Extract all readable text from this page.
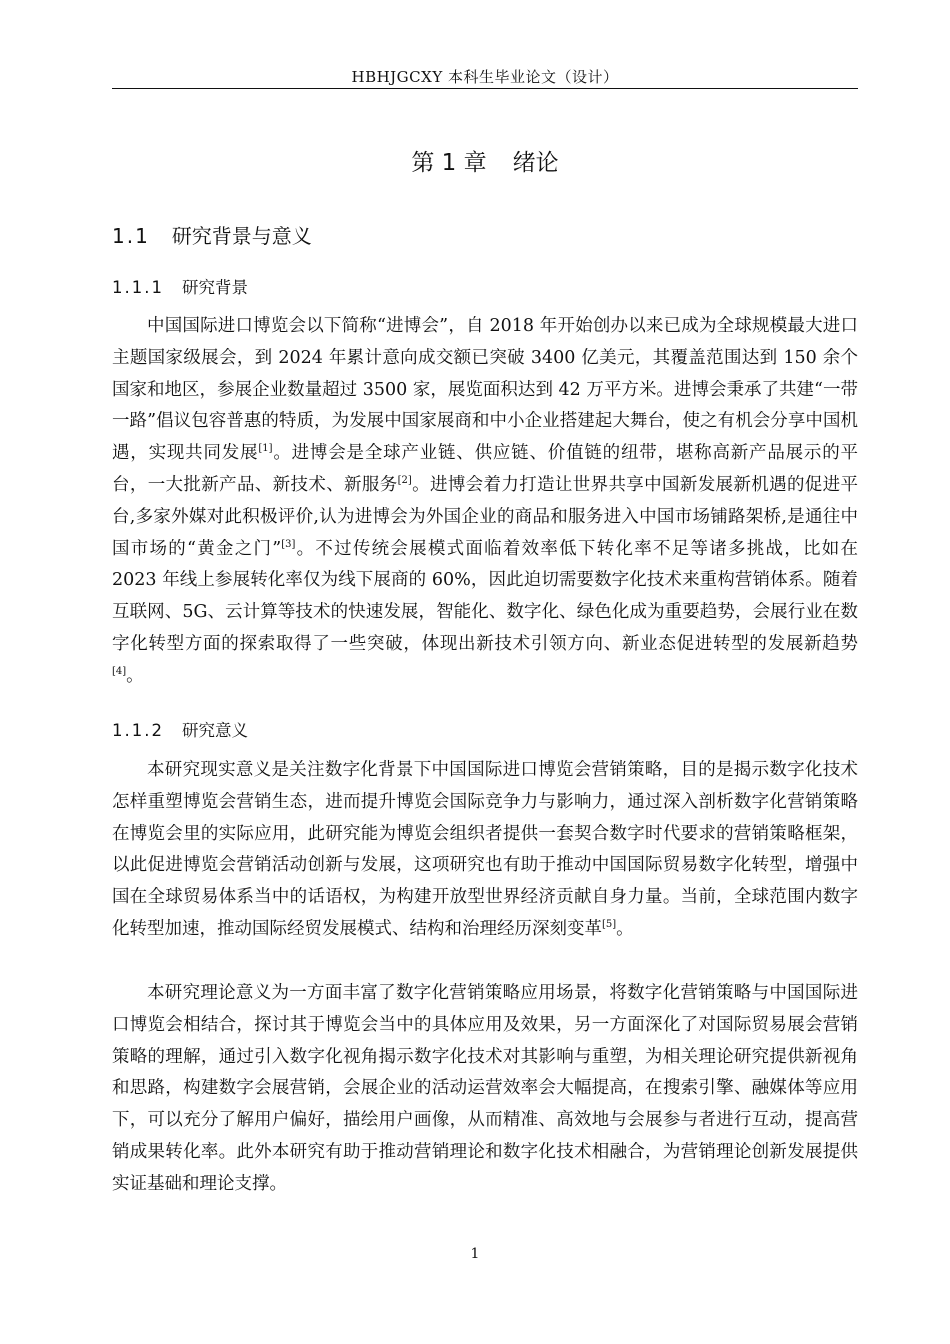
HBHJGCXY 本科生毕业论文（设计）
第 1 章 绪论
1.1 研究背景与意义
1.1.1 研究背景

中国国际进口博览会以下简称“进博会”，自 2018 年开始创办以来已成为全球规模最大进口主题国家级展会，到 2024 年累计意向成交额已突破 3400 亿美元，其覆盖范围达到 150 余个国家和地区，参展企业数量超过 3500 家，展览面积达到 42 万平方米。进博会秉承了共建“一带一路”倡议包容普惠的特质，为发展中国家展商和中小企业搭建起大舞台，使之有机会分享中国机遇，实现共同发展[1]。进博会是全球产业链、供应链、价值链的纽带，堪称高新产品展示的平台，一大批新产品、新技术、新服务[2]。进博会着力打造让世界共享中国新发展新机遇的促进平台,多家外媒对此积极评价,认为进博会为外国企业的商品和服务进入中国市场铺路架桥,是通往中国市场的“黄金之门”[3]。不过传统会展模式面临着效率低下转化率不足等诸多挑战，比如在 2023 年线上参展转化率仅为线下展商的 60%，因此迫切需要数字化技术来重构营销体系。随着互联网、5G、云计算等技术的快速发展，智能化、数字化、绿色化成为重要趋势，会展行业在数字化转型方面的探索取得了一些突破，体现出新技术引领方向、新业态促进转型的发展新趋势[4]。

1.1.2 研究意义

本研究现实意义是关注数字化背景下中国国际进口博览会营销策略，目的是揭示数字化技术怎样重塑博览会营销生态，进而提升博览会国际竞争力与影响力，通过深入剖析数字化营销策略在博览会里的实际应用，此研究能为博览会组织者提供一套契合数字时代要求的营销策略框架，以此促进博览会营销活动创新与发展，这项研究也有助于推动中国国际贸易数字化转型，增强中国在全球贸易体系当中的话语权，为构建开放型世界经济贡献自身力量。当前，全球范围内数字化转型加速，推动国际经贸发展模式、结构和治理经历深刻变革[5]。

本研究理论意义为一方面丰富了数字化营销策略应用场景，将数字化营销策略与中国国际进口博览会相结合，探讨其于博览会当中的具体应用及效果，另一方面深化了对国际贸易展会营销策略的理解，通过引入数字化视角揭示数字化技术对其影响与重塑，为相关理论研究提供新视角和思路，构建数字会展营销，会展企业的活动运营效率会大幅提高，在搜索引擎、融媒体等应用下，可以充分了解用户偏好，描绘用户画像，从而精准、高效地与会展参与者进行互动，提高营销成果转化率。此外本研究有助于推动营销理论和数字化技术相融合，为营销理论创新发展提供实证基础和理论支撑。

1
